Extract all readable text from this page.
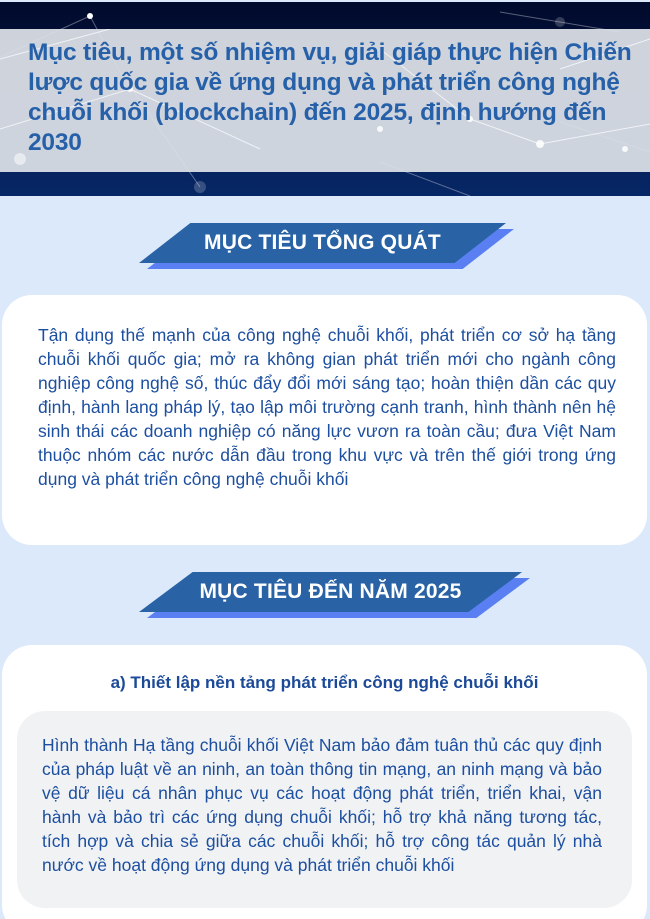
Mục tiêu, một số nhiệm vụ, giải giáp thực hiện Chiến lược quốc gia về ứng dụng và phát triển công nghệ chuỗi khối (blockchain) đến 2025, định hướng đến 2030
MỤC TIÊU TỔNG QUÁT

Tận dụng thế mạnh của công nghệ chuỗi khối, phát triển cơ sở hạ tầng chuỗi khối quốc gia; mở ra không gian phát triển mới cho ngành công nghiệp công nghệ số, thúc đẩy đổi mới sáng tạo; hoàn thiện dần các quy định, hành lang pháp lý, tạo lập môi trường cạnh tranh, hình thành nên hệ sinh thái các doanh nghiệp có năng lực vươn ra toàn cầu; đưa Việt Nam thuộc nhóm các nước dẫn đầu trong khu vực và trên thế giới trong ứng dụng và phát triển công nghệ chuỗi khối

MỤC TIÊU ĐẾN NĂM 2025
a) Thiết lập nền tảng phát triển công nghệ chuỗi khối

Hình thành Hạ tầng chuỗi khối Việt Nam bảo đảm tuân thủ các quy định của pháp luật về an ninh, an toàn thông tin mạng, an ninh mạng và bảo vệ dữ liệu cá nhân phục vụ các hoạt động phát triển, triển khai, vận hành và bảo trì các ứng dụng chuỗi khối; hỗ trợ khả năng tương tác, tích hợp và chia sẻ giữa các chuỗi khối; hỗ trợ công tác quản lý nhà nước về hoạt động ứng dụng và phát triển chuỗi khối
